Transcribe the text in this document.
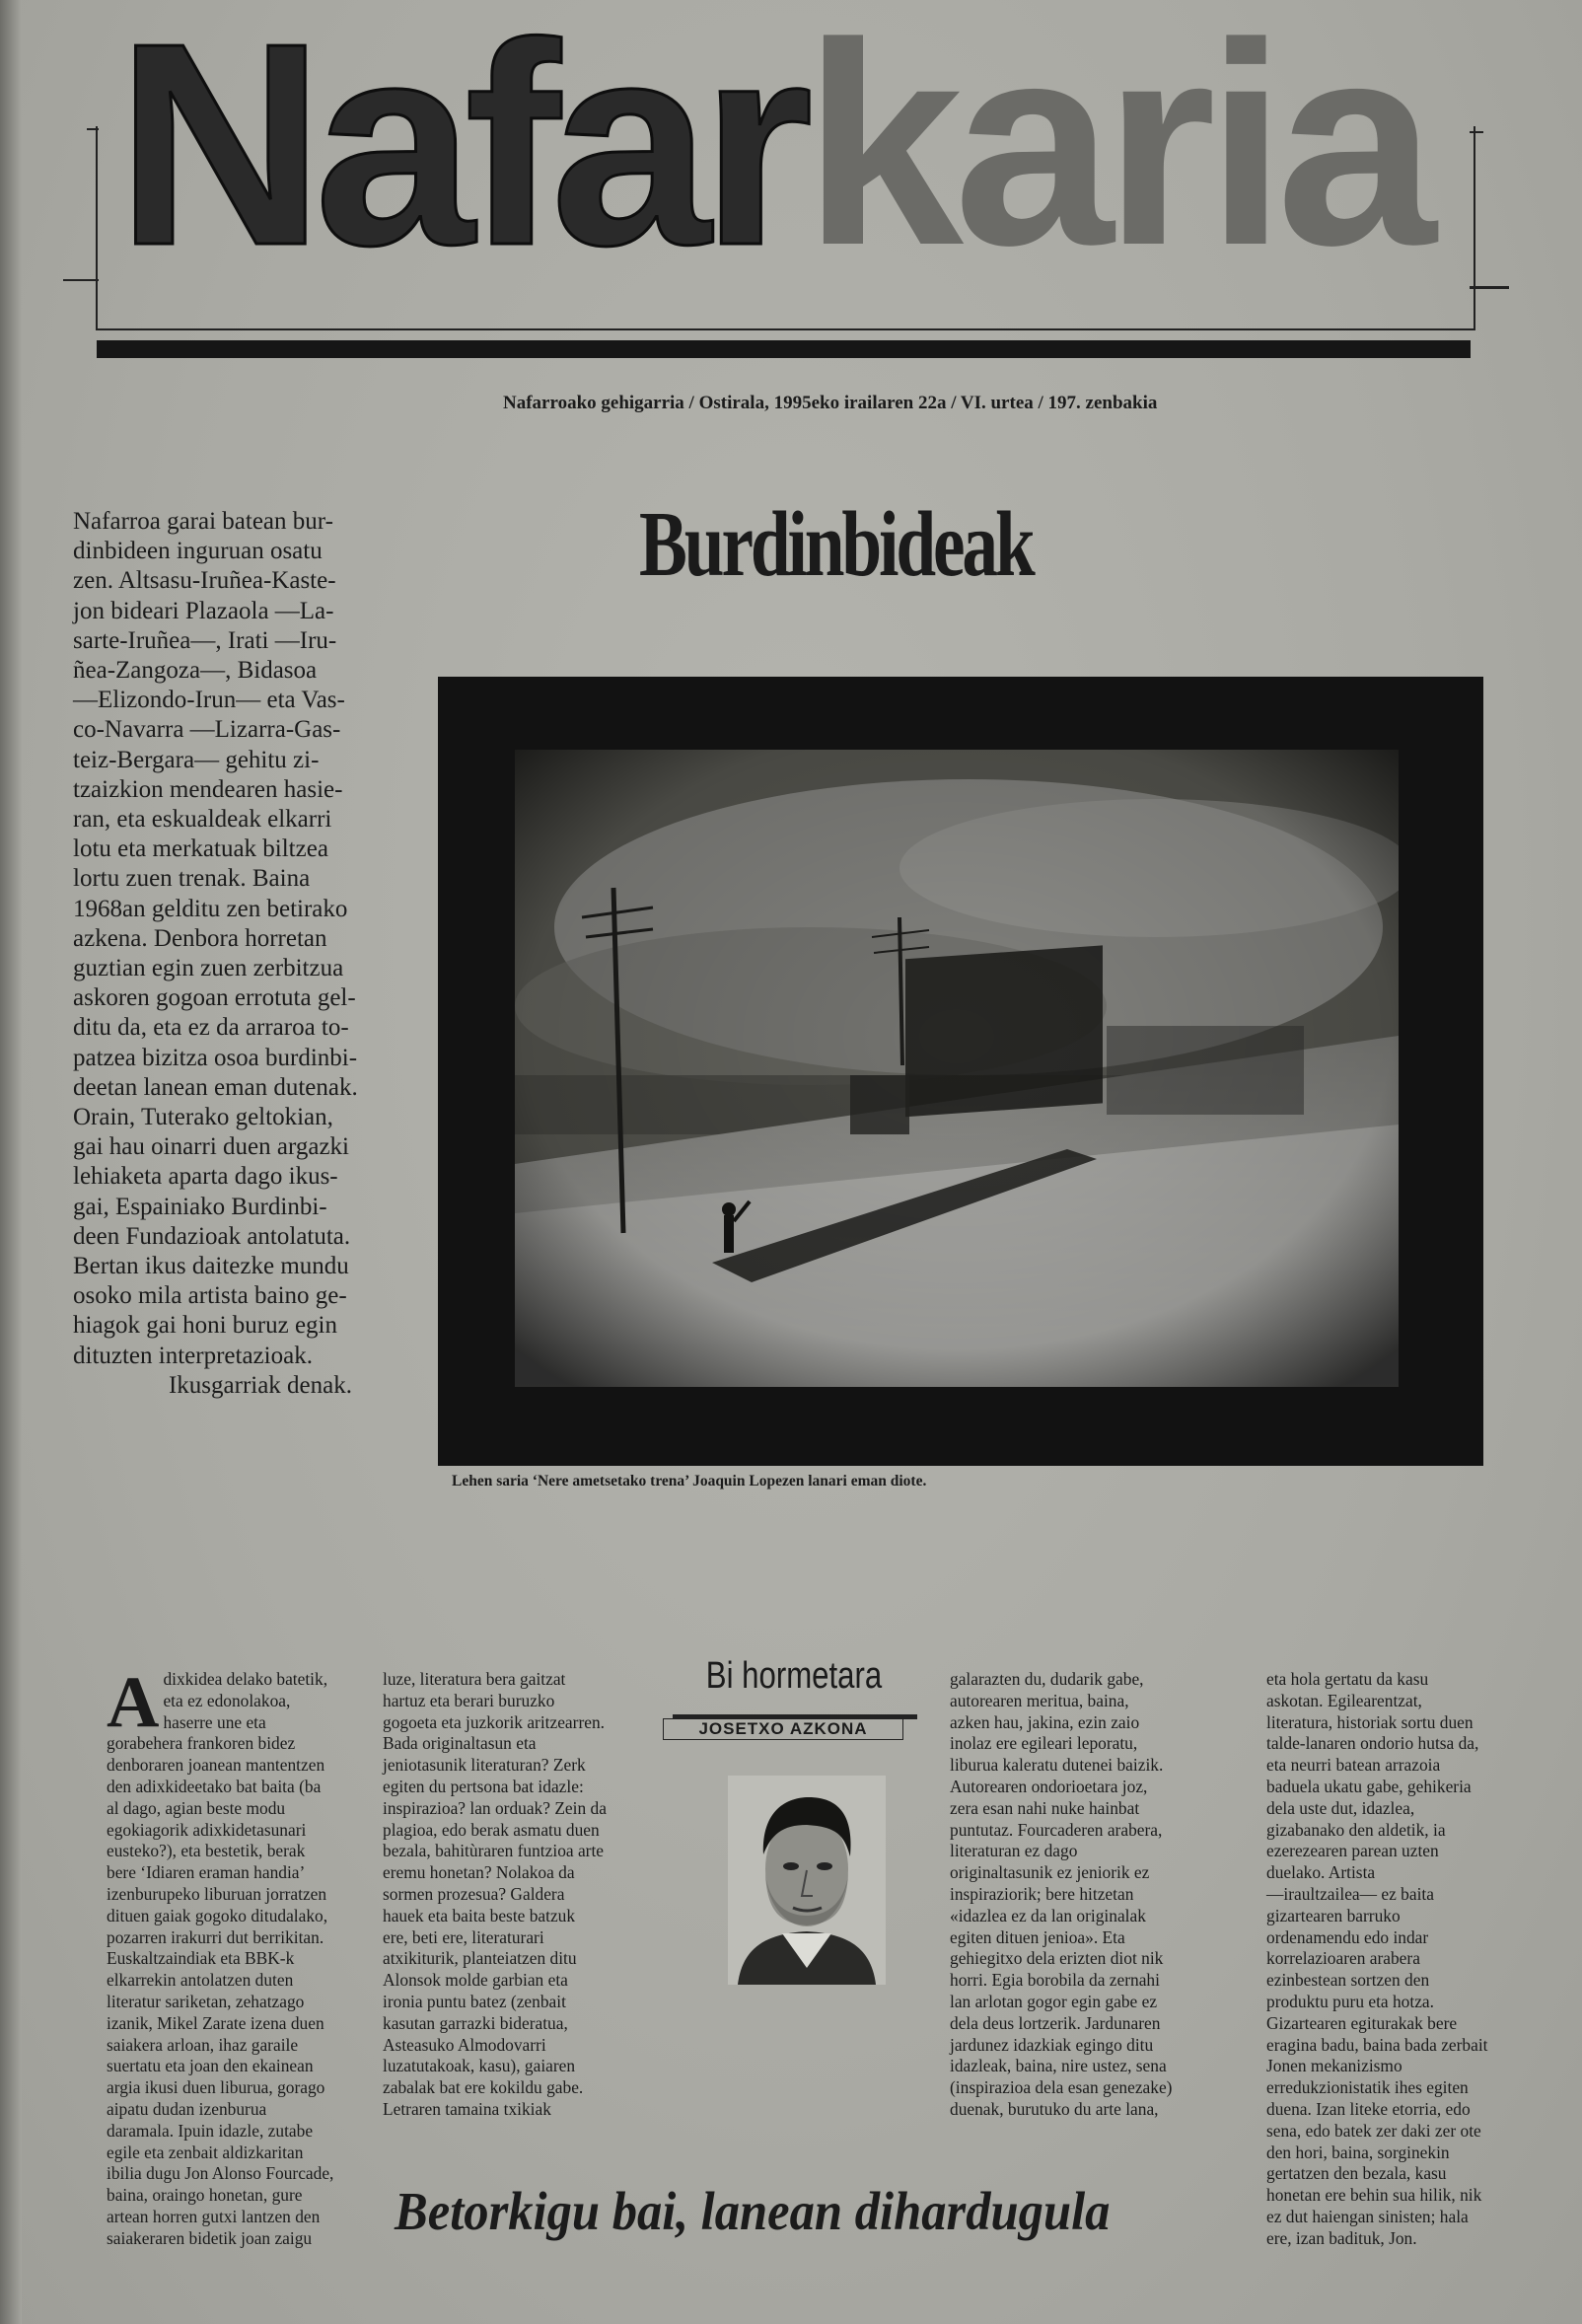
Nafarkaria
Nafarroako gehigarria / Ostirala, 1995eko irailaren 22a / VI. urtea / 197. zenbakia

Nafarroa garai batean bur-

dinbideen inguruan osatu

zen. Altsasu-Iruñea-Kaste-

jon bideari Plazaola —La-

sarte-Iruñea—, Irati —Iru-

ñea-Zangoza—, Bidasoa

—Elizondo-Irun— eta Vas-

co-Navarra —Lizarra-Gas-

teiz-Bergara— gehitu zi-

tzaizkion mendearen hasie-

ran, eta eskualdeak elkarri

lotu eta merkatuak biltzea

lortu zuen trenak. Baina

1968an gelditu zen betirako

azkena. Denbora horretan

guztian egin zuen zerbitzua

askoren gogoan errotuta gel-

ditu da, eta ez da arraroa to-

patzea bizitza osoa burdinbi-

deetan lanean eman dutenak.

Orain, Tuterako geltokian,

gai hau oinarri duen argazki

lehiaketa aparta dago ikus-

gai, Espainiako Burdinbi-

deen Fundazioak antolatuta.

Bertan ikus daitezke mundu

osoko mila artista baino ge-

hiagok gai honi buruz egin

dituzten interpretazioak.

Ikusgarriak denak.

Burdinbideak
Lehen saria ‘Nere ametsetako trena’ Joaquin Lopezen lanari eman diote.
A dixkidea delako batetik,
eta ez edonolakoa,
haserre une eta
gorabehera frankoren bidez
denboraren joanean mantentzen
den adixkideetako bat baita (ba
al dago, agian beste modu
egokiagorik adixkidetasunari
eusteko?), eta bestetik, berak
bere ‘Idiaren eraman handia’
izenburupeko liburuan jorratzen
dituen gaiak gogoko ditudalako,
pozarren irakurri dut berrikitan.
Euskaltzaindiak eta BBK-k
elkarrekin antolatzen duten
literatur sariketan, zehatzago
izanik, Mikel Zarate izena duen
saiakera arloan, ihaz garaile
suertatu eta joan den ekainean
argia ikusi duen liburua, gorago
aipatu dudan izenburua
daramala. Ipuin idazle, zutabe
egile eta zenbait aldizkaritan
ibilia dugu Jon Alonso Fourcade,
baina, oraingo honetan, gure
artean horren gutxi lantzen den
saiakeraren bidetik joan zaigu
luze, literatura bera gaitzat
hartuz eta berari buruzko
gogoeta eta juzkorik aritzearren.
Bada originaltasun eta
jeniotasunik literaturan? Zerk
egiten du pertsona bat idazle:
inspirazioa? lan orduak? Zein da
plagioa, edo berak asmatu duen
bezala, bahitùraren funtzioa arte
eremu honetan? Nolakoa da
sormen prozesua? Galdera
hauek eta baita beste batzuk
ere, beti ere, literaturari
atxikiturik, planteiatzen ditu
Alonsok molde garbian eta
ironia puntu batez (zenbait
kasutan garrazki bideratua,
Asteasuko Almodovarri
luzatutakoak, kasu), gaiaren
zabalak bat ere kokildu gabe.
Letraren tamaina txikiak
Bi hormetara
JOSETXO AZKONA
galarazten du, dudarik gabe,
autorearen meritua, baina,
azken hau, jakina, ezin zaio
inolaz ere egileari leporatu,
liburua kaleratu dutenei baizik.
Autorearen ondorioetara joz,
zera esan nahi nuke hainbat
puntutaz. Fourcaderen arabera,
literaturan ez dago
originaltasunik ez jeniorik ez
inspiraziorik; bere hitzetan
«idazlea ez da lan originalak
egiten dituen jenioa». Eta
gehiegitxo dela erizten diot nik
horri. Egia borobila da zernahi
lan arlotan gogor egin gabe ez
dela deus lortzerik. Jardunaren
jardunez idazkiak egingo ditu
idazleak, baina, nire ustez, sena
(inspirazioa dela esan genezake)
duenak, burutuko du arte lana,
eta hola gertatu da kasu
askotan. Egilearentzat,
literatura, historiak sortu duen
talde-lanaren ondorio hutsa da,
eta neurri batean arrazoia
baduela ukatu gabe, gehikeria
dela uste dut, idazlea,
gizabanako den aldetik, ia
ezerezearen parean uzten
duelako. Artista
—iraultzailea— ez baita
gizartearen barruko
ordenamendu edo indar
korrelazioaren arabera
ezinbestean sortzen den
produktu puru eta hotza.
Gizartearen egiturakak bere
eragina badu, baina bada zerbait
Jonen mekanizismo
erredukzionistatik ihes egiten
duena. Izan liteke etorria, edo
sena, edo batek zer daki zer ote
den hori, baina, sorginekin
gertatzen den bezala, kasu
honetan ere behin sua hilik, nik
ez dut haiengan sinisten; hala
ere, izan badituk, Jon.
Betorkigu bai, lanean dihardugula
